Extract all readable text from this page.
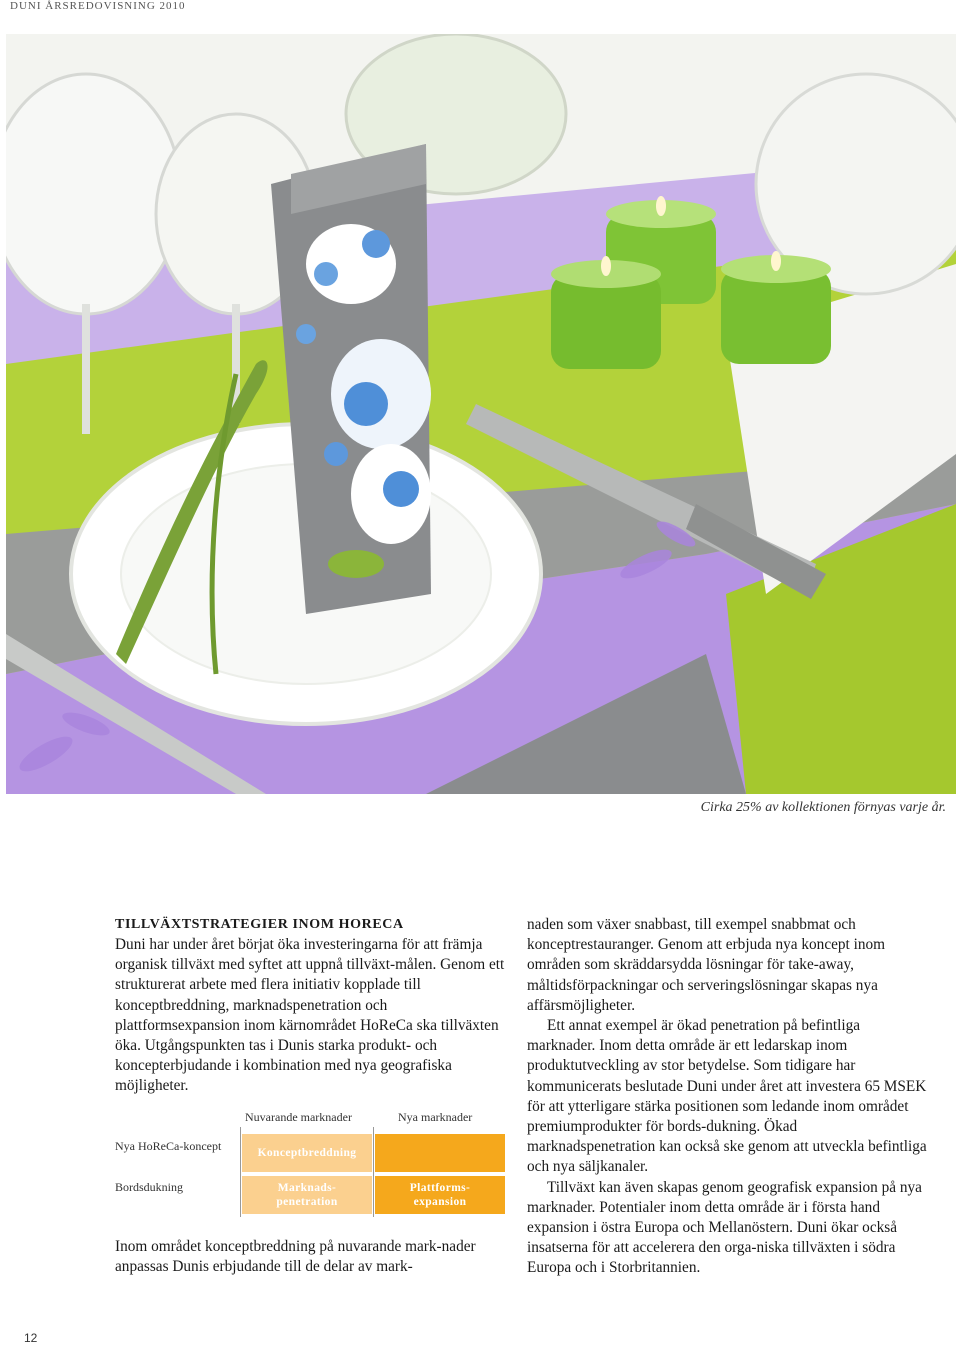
DUNI ÅRSREDOVISNING 2010
Cirka 25% av kollektionen förnyas varje år.
TILLVÄXTSTRATEGIER INOM HORECA

Duni har under året börjat öka investeringarna för att främja organisk tillväxt med syftet att uppnå tillväxt-målen. Genom ett strukturerat arbete med flera initiativ kopplade till konceptbreddning, marknadspenetration och plattformsexpansion inom kärnområdet HoReCa ska tillväxten öka. Utgångspunkten tas i Dunis starka produkt- och koncepterbjudande i kombination med nya geografiska möjligheter.

Nuvarande marknader	Nya marknader
Nya HoReCa-koncept
Bordsdukning
Konceptbreddning
Marknads-
penetration
Plattforms-
expansion

Inom området konceptbreddning på nuvarande mark-nader anpassas Dunis erbjudande till de delar av mark-

naden som växer snabbast, till exempel snabbmat och konceptrestauranger. Genom att erbjuda nya koncept inom områden som skräddarsydda lösningar för take-away, måltidsförpackningar och serveringslösningar skapas nya affärsmöjligheter.

Ett annat exempel är ökad penetration på befintliga marknader. Inom detta område är ett ledarskap inom produktutveckling av stor betydelse. Som tidigare har kommunicerats beslutade Duni under året att investera 65 MSEK för att ytterligare stärka positionen som ledande inom området premiumprodukter för bords-dukning. Ökad marknadspenetration kan också ske genom att utveckla befintliga och nya säljkanaler.

Tillväxt kan även skapas genom geografisk expansion på nya marknader. Potentialer inom detta område är i första hand expansion i östra Europa och Mellanöstern. Duni ökar också insatserna för att accelerera den orga-niska tillväxten i södra Europa och i Storbritannien.

12
